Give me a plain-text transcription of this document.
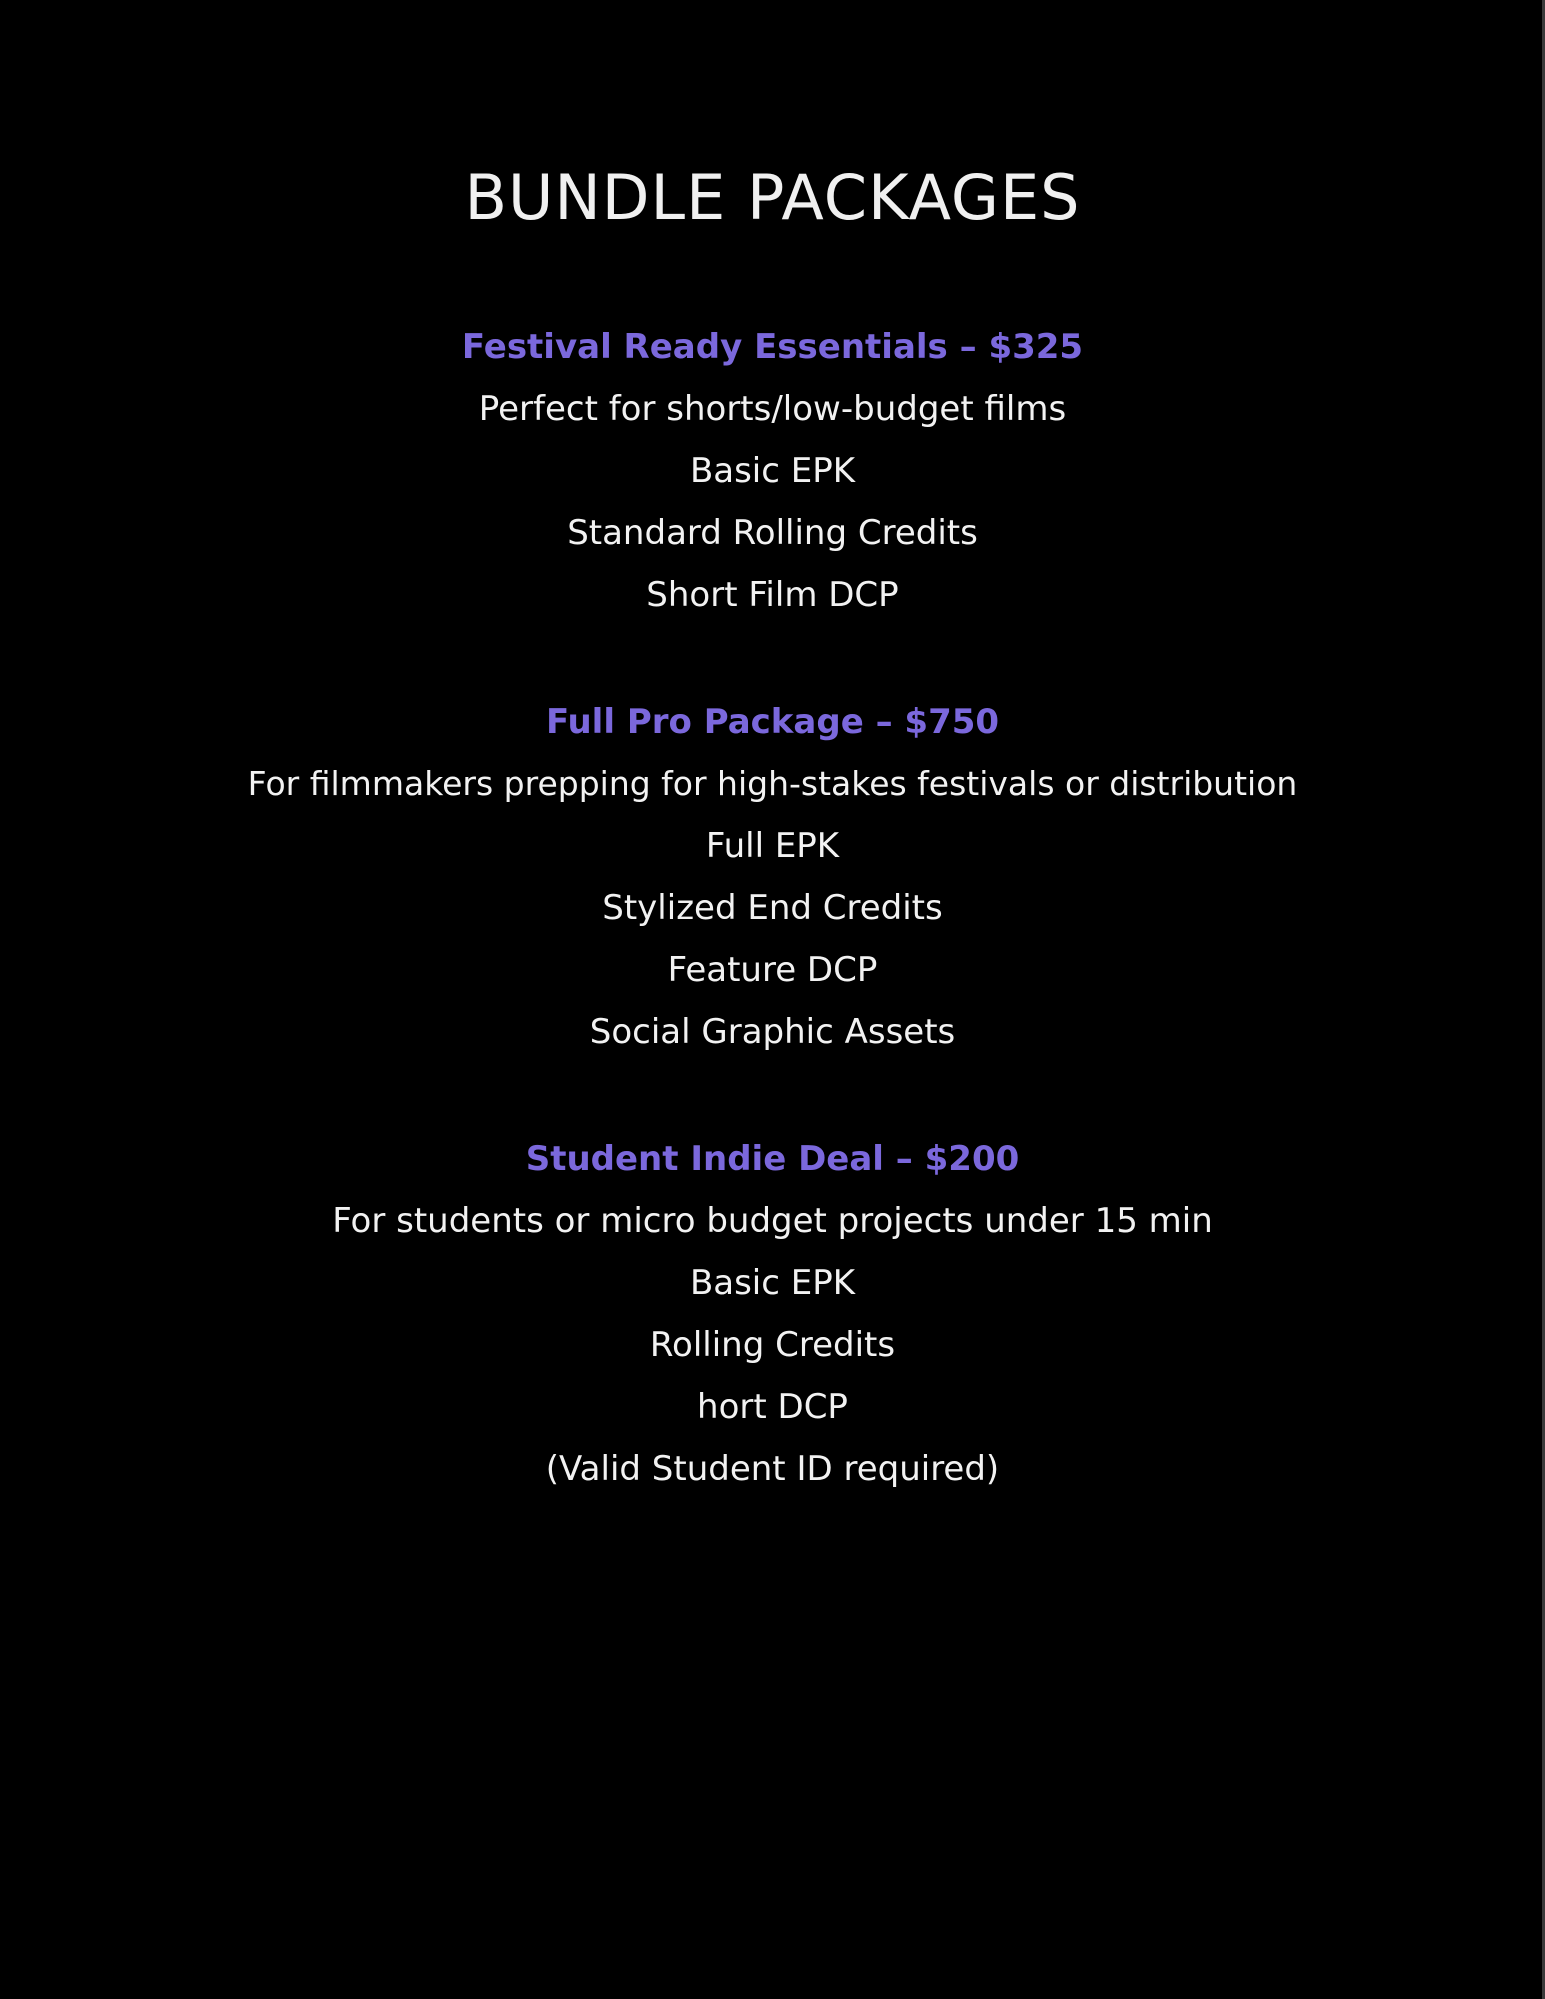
BUNDLE PACKAGES
Festival Ready Essentials – $325

Perfect for shorts/low-budget films

Basic EPK

Standard Rolling Credits

Short Film DCP

Full Pro Package – $750

For filmmakers prepping for high-stakes festivals or distribution

Full EPK

Stylized End Credits

Feature DCP

Social Graphic Assets

Student Indie Deal – $200

For students or micro budget projects under 15 min

Basic EPK

Rolling Credits

hort DCP

(Valid Student ID required)
